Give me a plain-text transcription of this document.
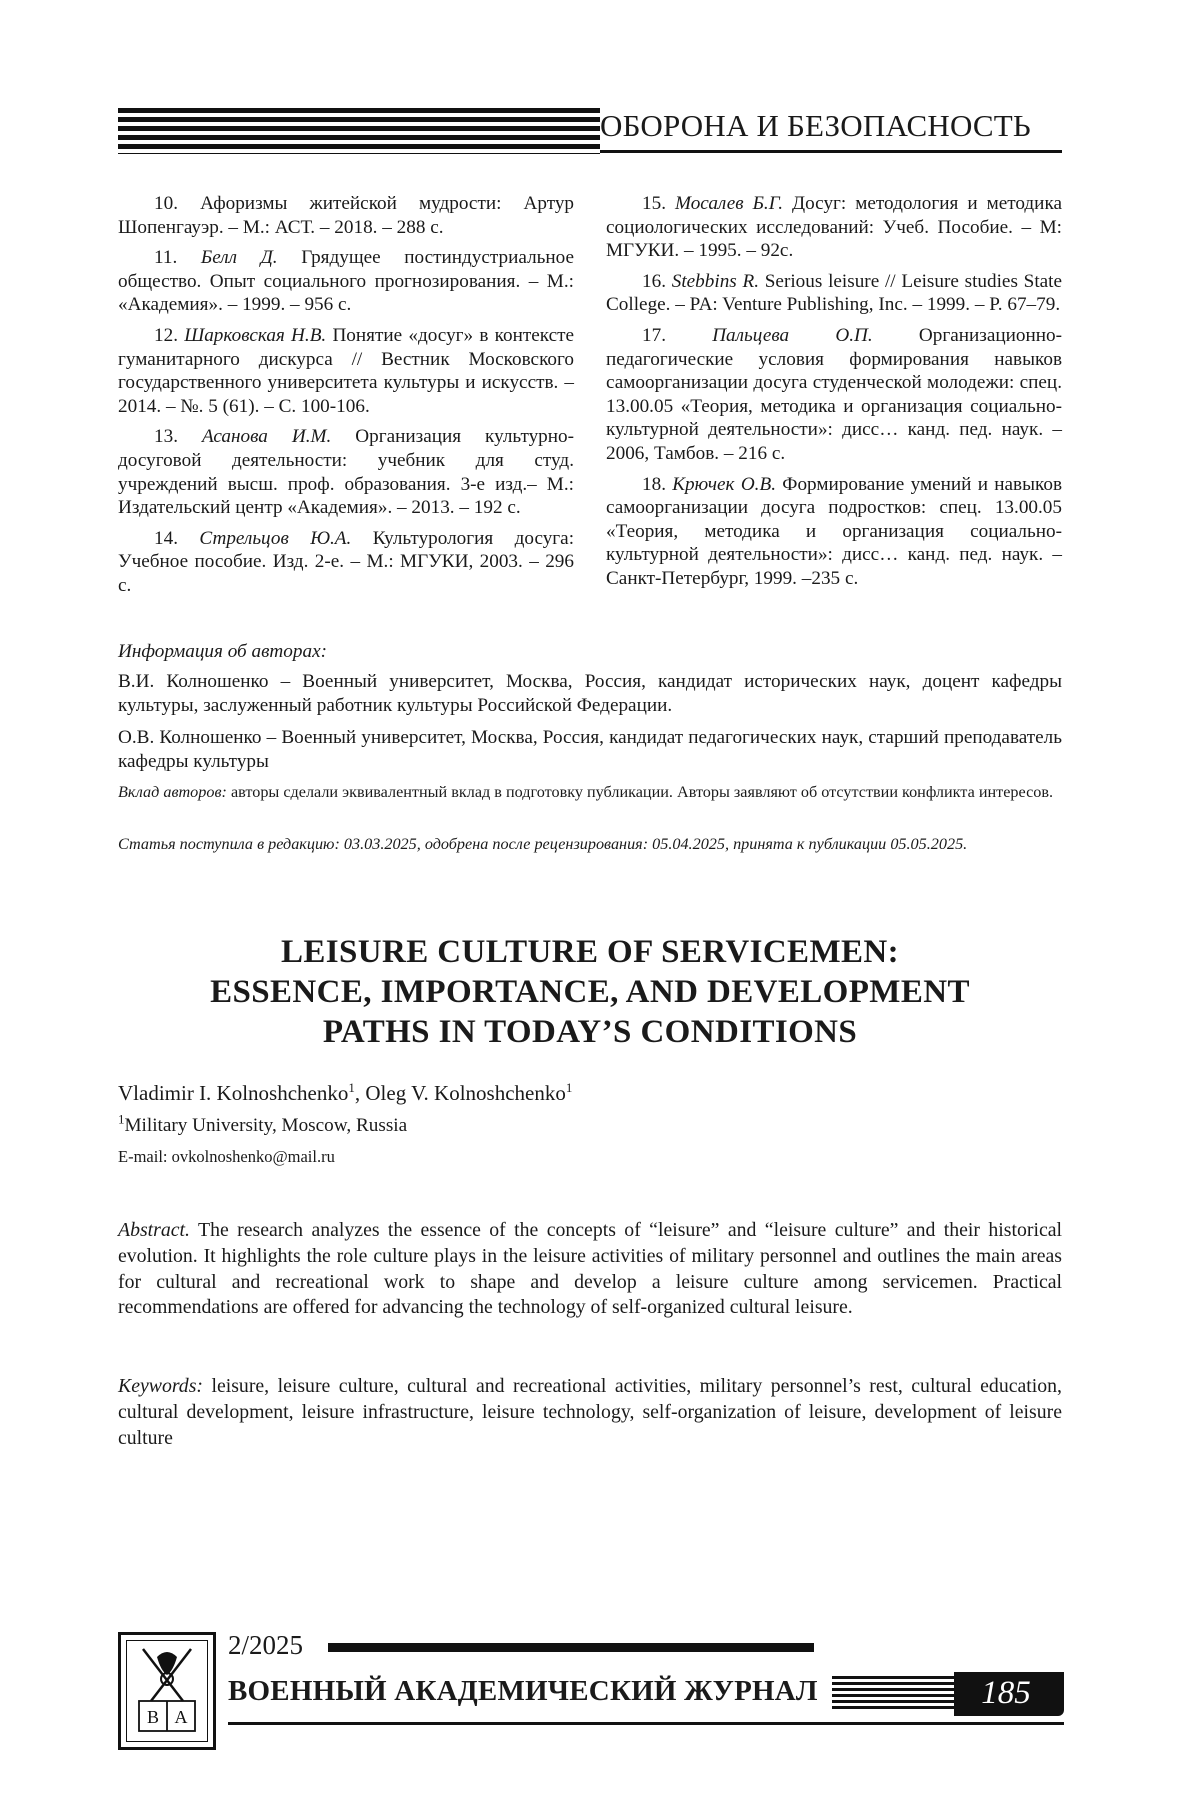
ОБОРОНА И БЕЗОПАСНОСТЬ

10. Афоризмы житейской мудрости: Артур Шопенгауэр. – М.: АСТ. – 2018. – 288 с.

11. Белл Д. Грядущее постиндустриальное общество. Опыт социального прогнозирования. – М.: «Академия». – 1999. – 956 с.

12. Шарковская Н.В. Понятие «досуг» в контексте гуманитарного дискурса // Вестник Московского государственного университета культуры и искусств. – 2014. – №. 5 (61). – С. 100-106.

13. Асанова И.М. Организация культурно-досуговой деятельности: учебник для студ. учреждений высш. проф. образования. 3-е изд.– М.: Издательский центр «Академия». – 2013. – 192 с.

14. Стрельцов Ю.А. Культурология досуга: Учебное пособие. Изд. 2-е. – М.: МГУКИ, 2003. – 296 с.

15. Мосалев Б.Г. Досуг: методология и методика социологических исследований: Учеб. Пособие. – М: МГУКИ. – 1995. – 92с.

16. Stebbins R. Serious leisure // Leisure studies State College. – PA: Venture Publishing, Inc. – 1999. – P. 67–79.

17. Пальцева О.П. Организационно-педагогические условия формирования навыков самоорганизации досуга студенческой молодежи: спец. 13.00.05 «Теория, методика и организация социально-культурной деятельности»: дисс… канд. пед. наук. –2006, Тамбов. – 216 с.

18. Крючек О.В. Формирование умений и навыков самоорганизации досуга подростков: спец. 13.00.05 «Теория, методика и организация социально-культурной деятельности»: дисс… канд. пед. наук. –Санкт-Петербург, 1999. –235 с.

Информация об авторах:
В.И. Колношенко – Военный университет, Москва, Россия, кандидат исторических наук, доцент кафедры культуры, заслуженный работник культуры Российской Федерации.
О.В. Колношенко – Военный университет, Москва, Россия, кандидат педагогических наук, старший преподаватель кафедры культуры
Вклад авторов: авторы сделали эквивалентный вклад в подготовку публикации. Авторы заявляют об отсутствии конфликта интересов.
Статья поступила в редакцию: 03.03.2025, одобрена после рецензирования: 05.04.2025, принята к публикации 05.05.2025.
LEISURE CULTURE OF SERVICEMEN:
ESSENCE, IMPORTANCE, AND DEVELOPMENT
PATHS IN TODAY’S CONDITIONS
Vladimir I. Kolnoshchenko$^1$, Oleg V. Kolnoshchenko$^1$
$^1$Military University, Moscow, Russia
E-mail: ovkolnoshenko@mail.ru
Abstract. The research analyzes the essence of the concepts of “leisure” and “leisure culture” and their historical evolution. It highlights the role culture plays in the leisure activities of military personnel and outlines the main areas for cultural and recreational work to shape and develop a leisure culture among servicemen. Practical recommendations are offered for advancing the technology of self-organized cultural leisure.
Keywords: leisure, leisure culture, cultural and recreational activities, military personnel’s rest, cultural education, cultural development, leisure infrastructure, leisure technology, self-organization of leisure, development of leisure culture
В А
2/2025
ВОЕННЫЙ АКАДЕМИЧЕСКИЙ ЖУРНАЛ	185
